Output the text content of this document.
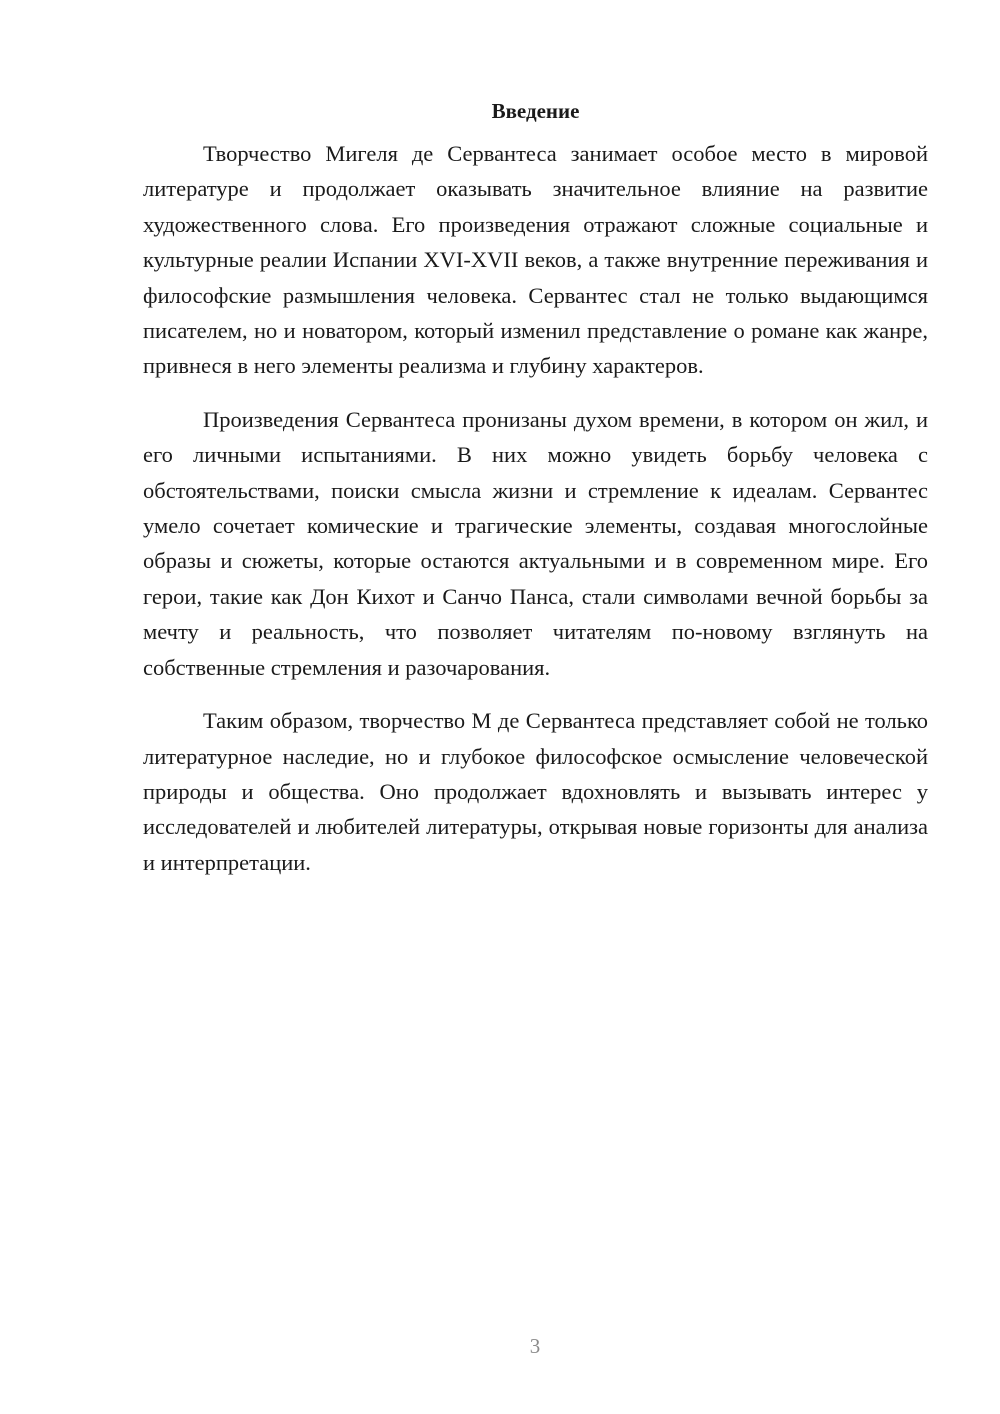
Введение

Творчество Мигеля де Сервантеса занимает особое место в мировой литературе и продолжает оказывать значительное влияние на развитие художественного слова. Его произведения отражают сложные социальные и культурные реалии Испании XVI-XVII веков, а также внутренние переживания и философские размышления человека. Сервантес стал не только выдающимся писателем, но и новатором, который изменил представление о романе как жанре, привнеся в него элементы реализма и глубину характеров.

Произведения Сервантеса пронизаны духом времени, в котором он жил, и его личными испытаниями. В них можно увидеть борьбу человека с обстоятельствами, поиски смысла жизни и стремление к идеалам. Сервантес умело сочетает комические и трагические элементы, создавая многослойные образы и сюжеты, которые остаются актуальными и в современном мире. Его герои, такие как Дон Кихот и Санчо Панса, стали символами вечной борьбы за мечту и реальность, что позволяет читателям по-новому взглянуть на собственные стремления и разочарования.

Таким образом, творчество М де Сервантеса представляет собой не только литературное наследие, но и глубокое философское осмысление человеческой природы и общества. Оно продолжает вдохновлять и вызывать интерес у исследователей и любителей литературы, открывая новые горизонты для анализа и интерпретации.

3
